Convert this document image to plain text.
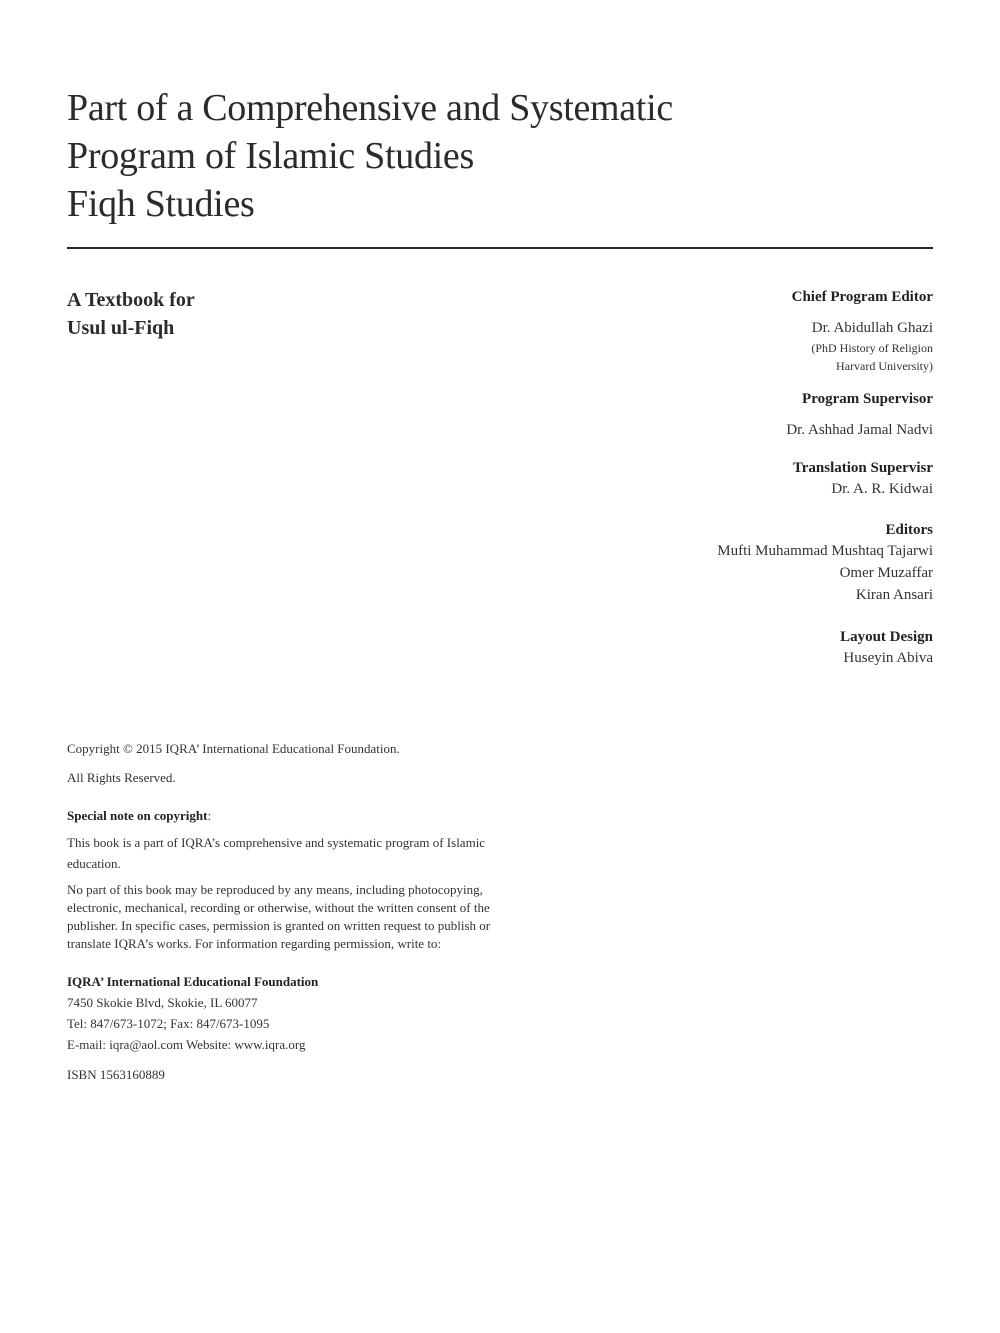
Part of a Comprehensive and Systematic
Program of Islamic Studies
Fiqh Studies
A Textbook for
Usul ul-Fiqh
Chief Program Editor
Dr. Abidullah Ghazi
(PhD History of Religion
Harvard University)
Program Supervisor
Dr. Ashhad Jamal Nadvi
Translation Supervisr
Dr. A. R. Kidwai
Editors
Mufti Muhammad Mushtaq Tajarwi
Omer Muzaffar
Kiran Ansari
Layout Design
Huseyin Abiva

Copyright © 2015 IQRA’ International Educational Foundation.

All Rights Reserved.

Special note on copyright:

This book is a part of IQRA’s comprehensive and systematic program of Islamic

education.

No part of this book may be reproduced by any means, including photocopying,

electronic, mechanical, recording or otherwise, without the written consent of the

publisher. In specific cases, permission is granted on written request to publish or

translate IQRA’s works. For information regarding permission, write to:

IQRA’ International Educational Foundation

7450 Skokie Blvd, Skokie, IL 60077

Tel: 847/673-1072; Fax: 847/673-1095

E-mail: iqra@aol.com Website: www.iqra.org

ISBN 1563160889
